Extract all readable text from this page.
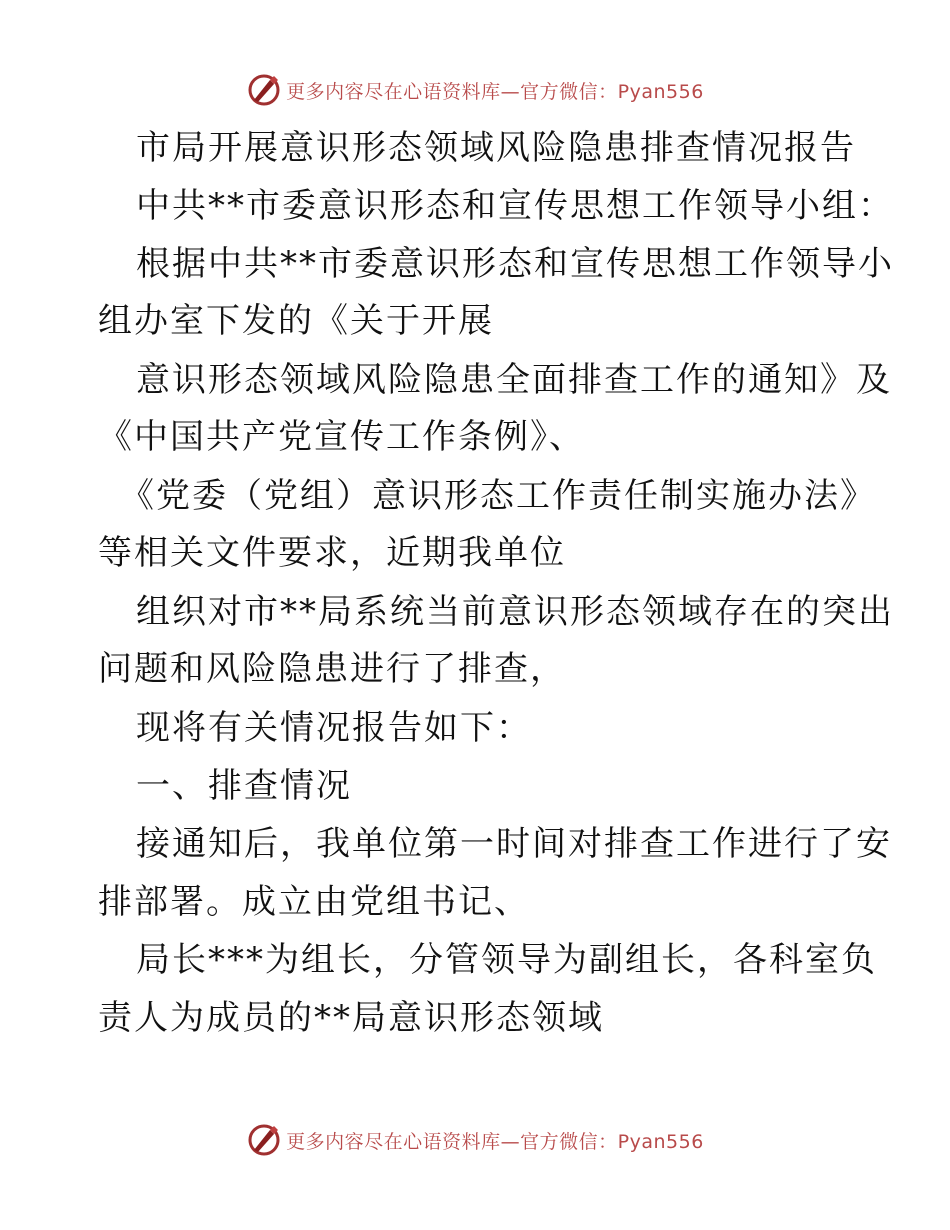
更多内容尽在心语资料库—官方微信：Pyan556
市局开展意识形态领域风险隐患排查情况报告
中共**市委意识形态和宣传思想工作领导小组：
根据中共**市委意识形态和宣传思想工作领导小
组办室下发的《关于开展
意识形态领域风险隐患全面排查工作的通知》及
《中国共产党宣传工作条例》、
《党委（党组）意识形态工作责任制实施办法》
等相关文件要求，近期我单位
组织对市**局系统当前意识形态领域存在的突出
问题和风险隐患进行了排查，
现将有关情况报告如下：
一、排查情况
接通知后，我单位第一时间对排查工作进行了安
排部署。成立由党组书记、
局长***为组长，分管领导为副组长，各科室负
责人为成员的**局意识形态领域
更多内容尽在心语资料库—官方微信：Pyan556
